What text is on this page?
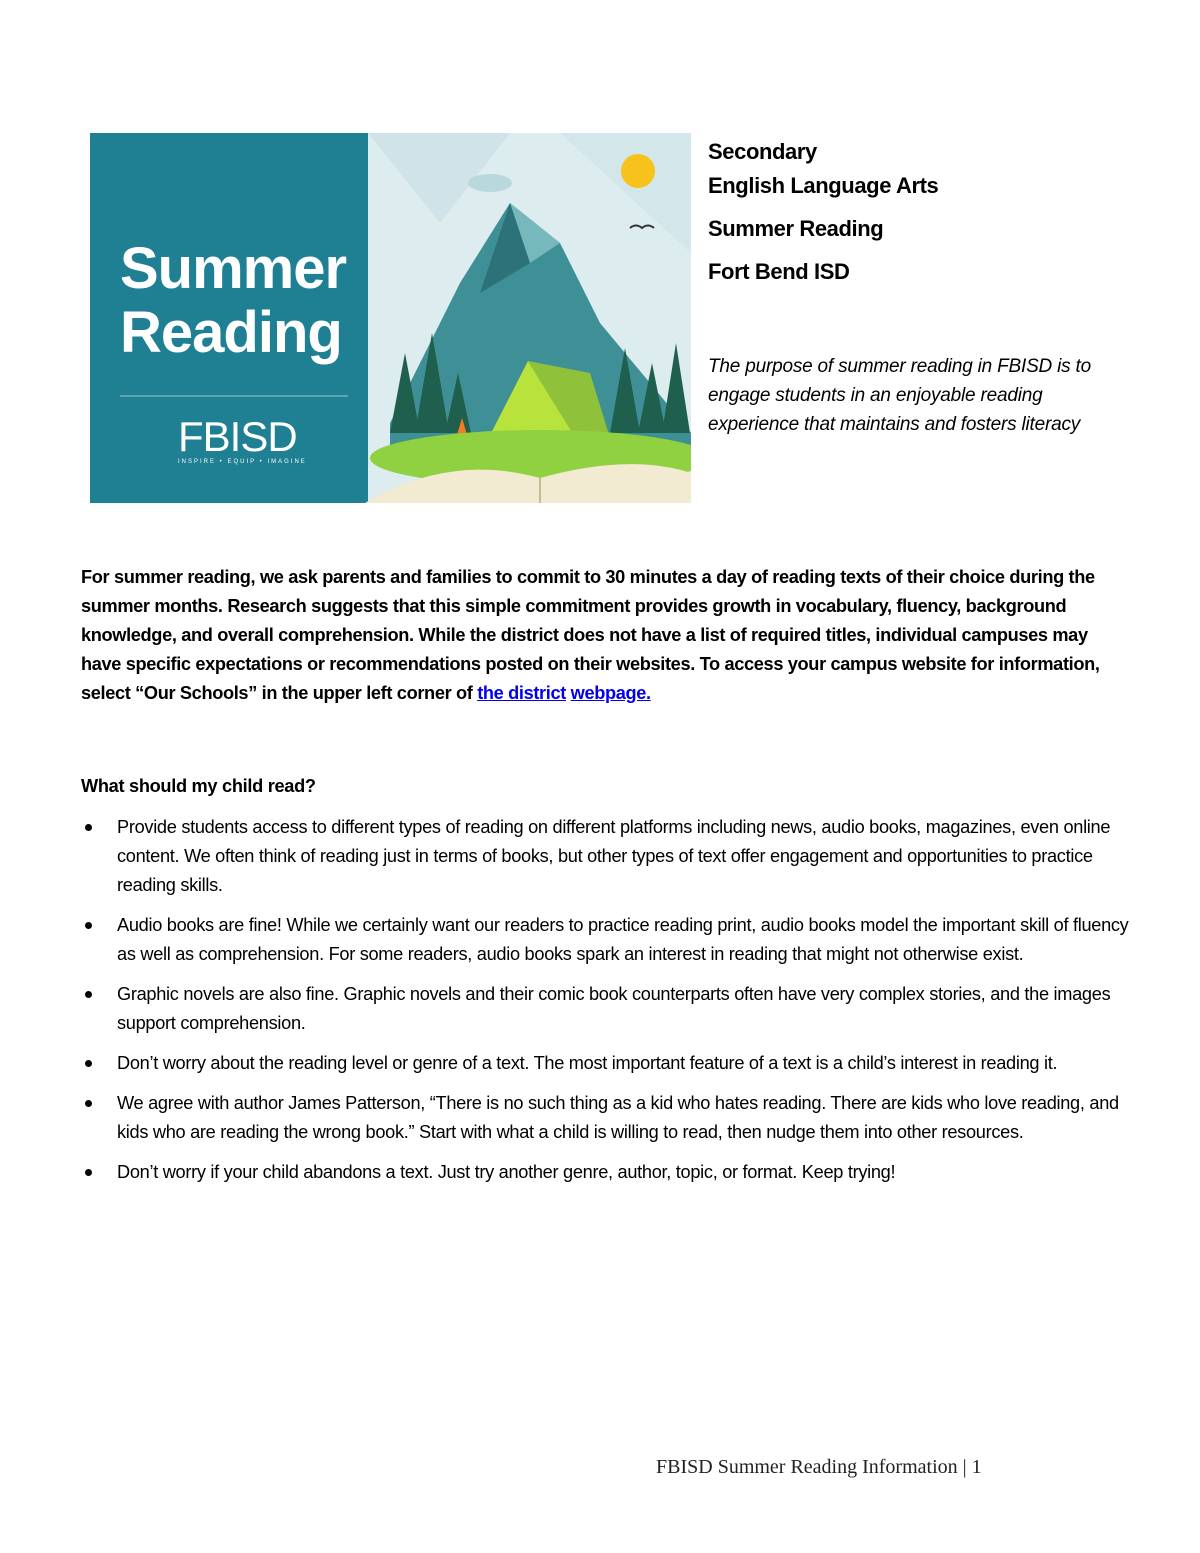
Summer
Reading
FBISD
INSPIRE • EQUIP • IMAGINE
Secondary
English Language Arts
Summer Reading
Fort Bend ISD
The purpose of summer reading in FBISD is to engage students in an enjoyable reading experience that maintains and fosters literacy

For summer reading, we ask parents and families to commit to 30 minutes a day of reading texts of their choice during the summer months. Research suggests that this simple commitment provides growth in vocabulary, fluency, background knowledge, and overall comprehension. While the district does not have a list of required titles, individual campuses may have specific expectations or recommendations posted on their websites. To access your campus website for information, select “Our Schools” in the upper left corner of the district webpage.

What should my child read?
Provide students access to different types of reading on different platforms including news, audio books, magazines, even online content. We often think of reading just in terms of books, but other types of text offer engagement and opportunities to practice reading skills.
Audio books are fine! While we certainly want our readers to practice reading print, audio books model the important skill of fluency as well as comprehension. For some readers, audio books spark an interest in reading that might not otherwise exist.
Graphic novels are also fine. Graphic novels and their comic book counterparts often have very complex stories, and the images support comprehension.
Don’t worry about the reading level or genre of a text. The most important feature of a text is a child’s interest in reading it.
We agree with author James Patterson, “There is no such thing as a kid who hates reading. There are kids who love reading, and kids who are reading the wrong book.” Start with what a child is willing to read, then nudge them into other resources.
Don’t worry if your child abandons a text. Just try another genre, author, topic, or format. Keep trying!
FBISD Summer Reading Information | 1
